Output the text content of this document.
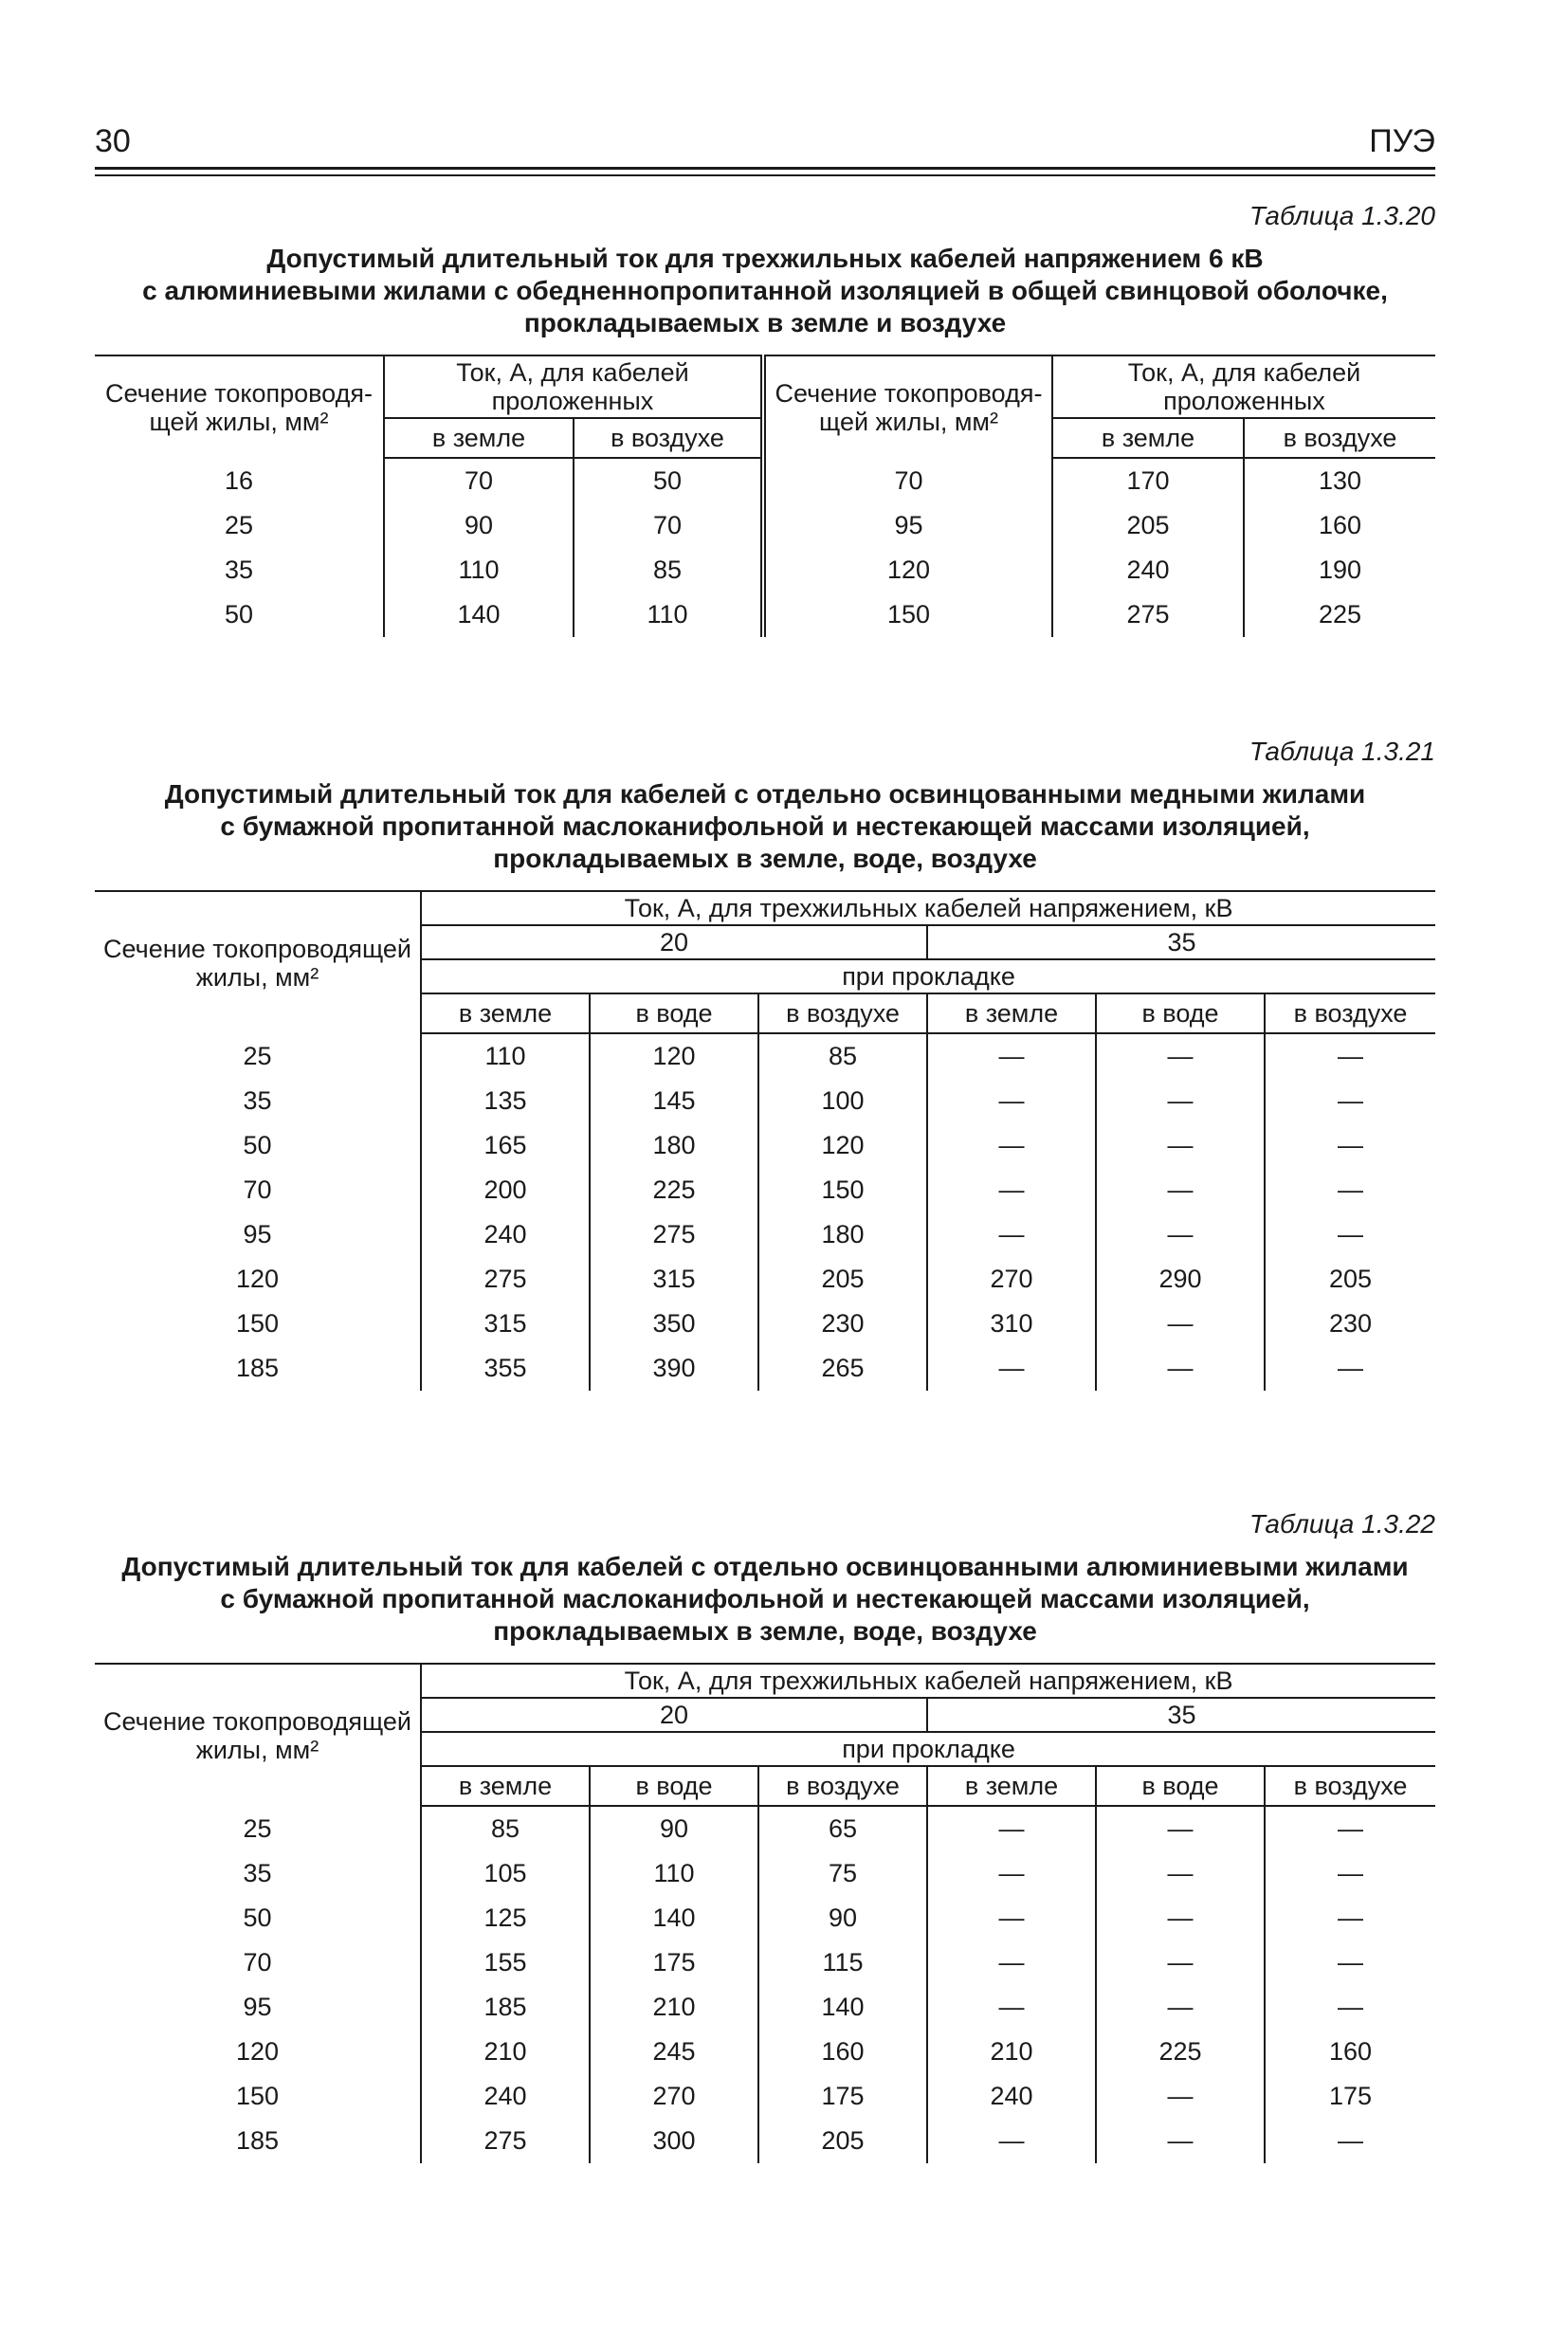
30	ПУЭ
Таблица 1.3.20
Допустимый длительный ток для трехжильных кабелей напряжением 6 кВ
с алюминиевыми жилами с обедненнопропитанной изоляцией в общей свинцовой оболочке,
прокладываемых в земле и воздухе
Сечение токопроводя-щей жилы, мм²	Ток, А, для кабелей проложенных		Сечение токопроводя-щей жилы, мм²	Ток, А, для кабелей проложенных	
	в земле	в воздухе		в земле	в воздухе
16	70	50	70	170	130
25	90	70	95	205	160
35	110	85	120	240	190
50	140	110	150	275	225
Таблица 1.3.21
Допустимый длительный ток для кабелей с отдельно освинцованными медными жилами
с бумажной пропитанной маслоканифольной и нестекающей массами изоляцией,
прокладываемых в земле, воде, воздухе
Сечение токопроводящей жилы, мм²	Ток, А, для трехжильных кабелей напряжением, кВ					
	20			35		
	при прокладке					
	в земле	в воде	в воздухе	в земле	в воде	в воздухе
25	110	120	85	—	—	—
35	135	145	100	—	—	—
50	165	180	120	—	—	—
70	200	225	150	—	—	—
95	240	275	180	—	—	—
120	275	315	205	270	290	205
150	315	350	230	310	—	230
185	355	390	265	—	—	—
Таблица 1.3.22
Допустимый длительный ток для кабелей с отдельно освинцованными алюминиевыми жилами
с бумажной пропитанной маслоканифольной и нестекающей массами изоляцией,
прокладываемых в земле, воде, воздухе
Сечение токопроводящей жилы, мм²	Ток, А, для трехжильных кабелей напряжением, кВ					
	20			35		
	при прокладке					
	в земле	в воде	в воздухе	в земле	в воде	в воздухе
25	85	90	65	—	—	—
35	105	110	75	—	—	—
50	125	140	90	—	—	—
70	155	175	115	—	—	—
95	185	210	140	—	—	—
120	210	245	160	210	225	160
150	240	270	175	240	—	175
185	275	300	205	—	—	—
